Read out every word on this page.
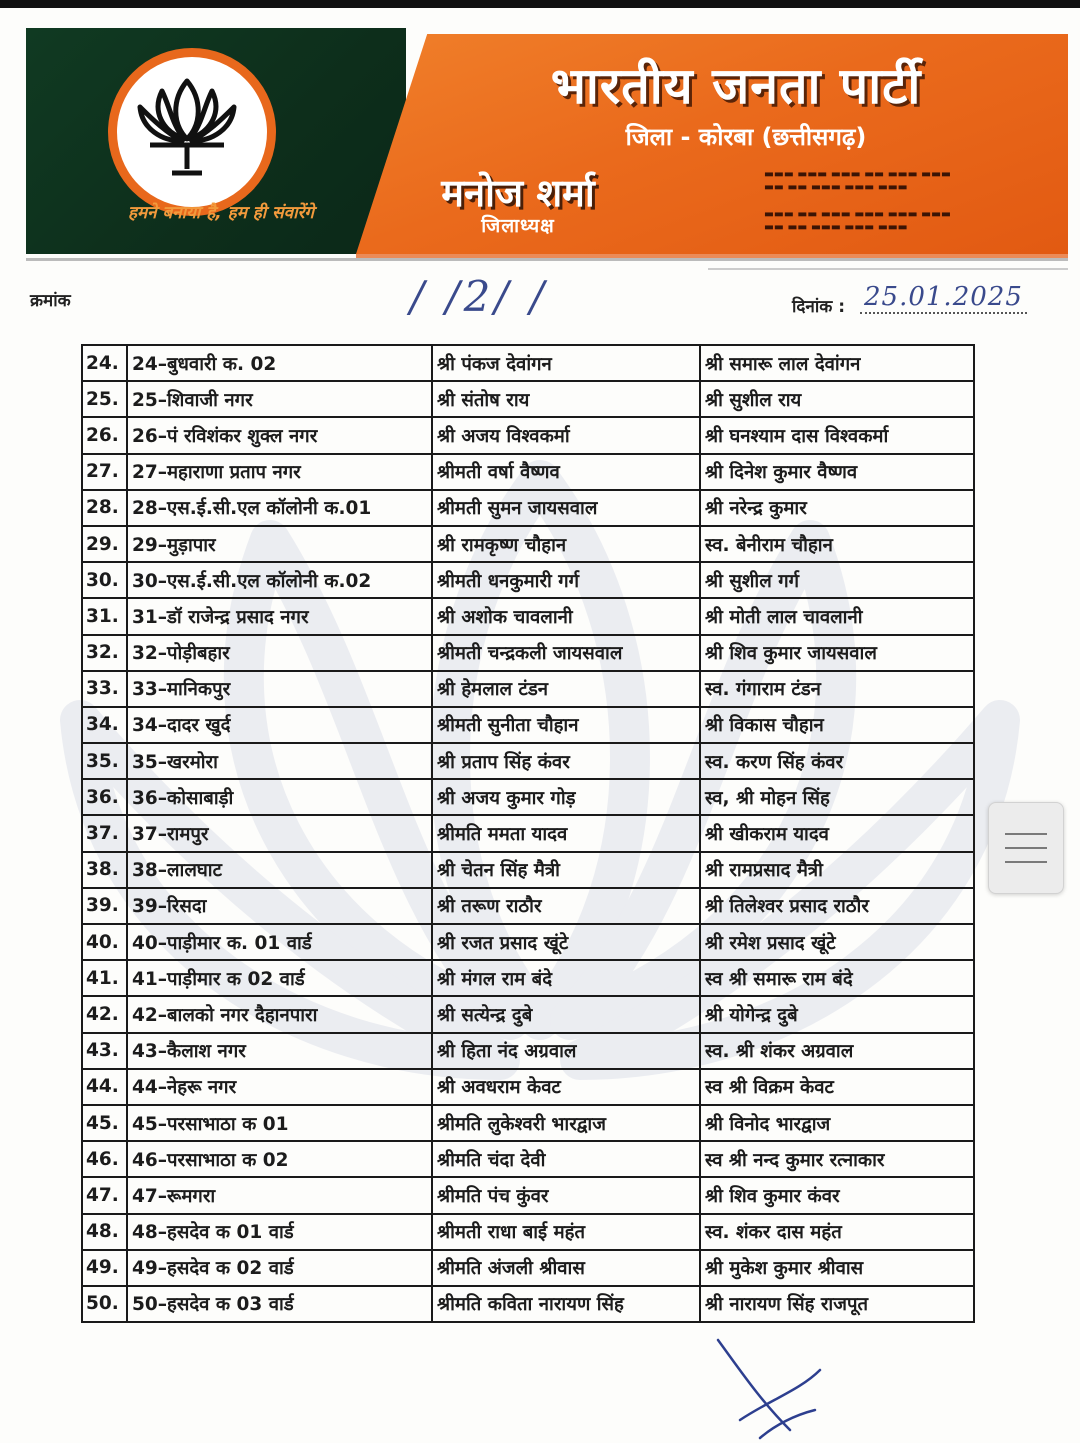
हमने बनाया है, हम ही संवारेंगे
भारतीय जनता पार्टी
जिला - कोरबा (छत्तीसगढ़)
मनोज शर्मा
जिलाध्यक्ष
▬▬▬ ▬▬▬ ▬▬▬ ▬▬ ▬▬▬ ▬▬▬
▬▬ ▬▬ ▬▬▬ ▬▬▬ ▬▬▬
▬▬▬ ▬▬ ▬▬▬ ▬▬▬ ▬▬▬ ▬▬▬
▬▬ ▬▬ ▬▬▬ ▬▬▬ ▬▬▬
क्रमांक	/ /2/ /	दिनांक : 25.01.2025
24.	24–बुधवारी क. 02	श्री पंकज देवांगन	श्री समारू लाल देवांगन
25.	25–शिवाजी नगर	श्री संतोष राय	श्री सुशील राय
26.	26–पं रविशंकर शुक्ल नगर	श्री अजय विश्वकर्मा	श्री घनश्याम दास विश्वकर्मा
27.	27–महाराणा प्रताप नगर	श्रीमती वर्षा वैष्णव	श्री दिनेश कुमार वैष्णव
28.	28–एस.ई.सी.एल कॉलोनी क.01	श्रीमती सुमन जायसवाल	श्री नरेन्द्र कुमार
29.	29–मुड़ापार	श्री रामकृष्ण चौहान	स्व. बेनीराम चौहान
30.	30–एस.ई.सी.एल कॉलोनी क.02	श्रीमती धनकुमारी गर्ग	श्री सुशील गर्ग
31.	31–डॉ राजेन्द्र प्रसाद नगर	श्री अशोक चावलानी	श्री मोती लाल चावलानी
32.	32–पोड़ीबहार	श्रीमती चन्द्रकली जायसवाल	श्री शिव कुमार जायसवाल
33.	33–मानिकपुर	श्री हेमलाल टंडन	स्व. गंगाराम टंडन
34.	34–दादर खुर्द	श्रीमती सुनीता चौहान	श्री विकास चौहान
35.	35–खरमोरा	श्री प्रताप सिंह कंवर	स्व. करण सिंह कंवर
36.	36–कोसाबाड़ी	श्री अजय कुमार गोड़	स्व, श्री मोहन सिंह
37.	37–रामपुर	श्रीमति ममता यादव	श्री खीकराम यादव
38.	38–लालघाट	श्री चेतन सिंह मैत्री	श्री रामप्रसाद मैत्री
39.	39–रिसदा	श्री तरूण राठौर	श्री तिलेश्वर प्रसाद राठौर
40.	40–पाड़ीमार क. 01 वार्ड	श्री रजत प्रसाद खूंटे	श्री रमेश प्रसाद खूंटे
41.	41–पाड़ीमार क 02 वार्ड	श्री मंगल राम बंदे	स्व श्री समारू राम बंदे
42.	42–बालको नगर दैहानपारा	श्री सत्येन्द्र दुबे	श्री योगेन्द्र दुबे
43.	43–कैलाश नगर	श्री हिता नंद अग्रवाल	स्व. श्री शंकर अग्रवाल
44.	44–नेहरू नगर	श्री अवधराम केवट	स्व श्री विक्रम केवट
45.	45–परसाभाठा क 01	श्रीमति लुकेश्वरी भारद्वाज	श्री विनोद भारद्वाज
46.	46–परसाभाठा क 02	श्रीमति चंदा देवी	स्व श्री नन्द कुमार रत्नाकार
47.	47–रूमगरा	श्रीमति पंच कुंवर	श्री शिव कुमार कंवर
48.	48–हसदेव क 01 वार्ड	श्रीमती राधा बाई महंत	स्व. शंकर दास महंत
49.	49–हसदेव क 02 वार्ड	श्रीमति अंजली श्रीवास	श्री मुकेश कुमार श्रीवास
50.	50–हसदेव क 03 वार्ड	श्रीमति कविता नारायण सिंह	श्री नारायण सिंह राजपूत
